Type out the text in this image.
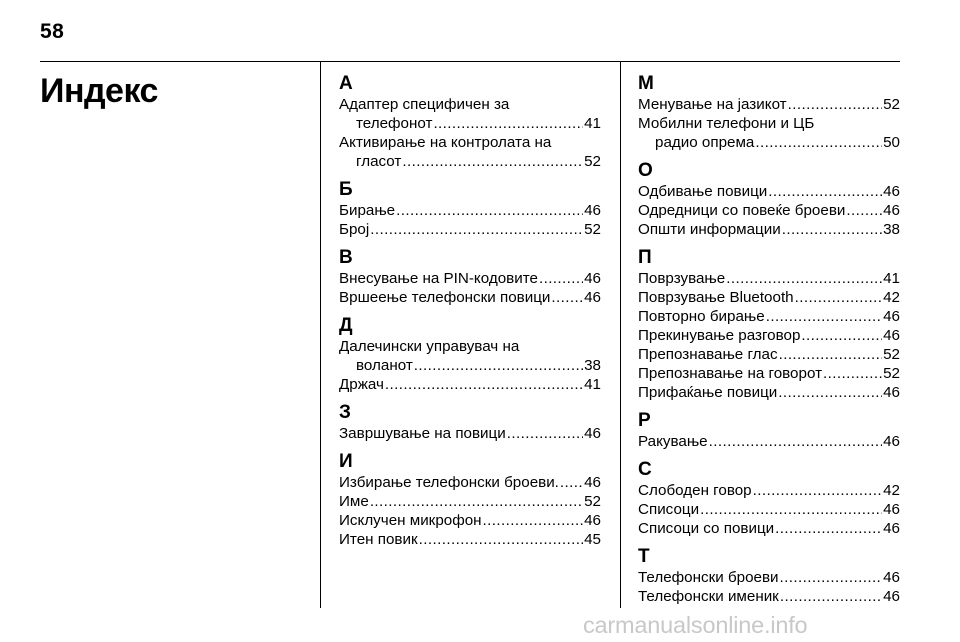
58
Индекс	А
Адаптер специфичен за
телефонот .....	41
Активирање на контролата на
гласот .....	52
Б
Бирање .....	46
Број .....	52
В
Внесување на PIN-кодовите .....	46
Вршеење телефонски повици ..... 46
Д
Далечински управувач на
воланот .....	38
Држач .....	41
З
Завршување на повици .....	46
И
Избирање телефонски броеви. ..... 46
Име .....	52
Исклучен микрофон .....	46
Итен повик .....	45
М
Менување на јазикот .....	52
Мобилни телефони и ЦБ
радио опрема .....	50
О
Одбивање повици .....	46
Одредници со повеќе броеви ..... 46
Општи информации .....	38
П
Поврзување .....	41
Поврзување Bluetooth .....	42
Повторно бирање .....	46
Прекинување разговор .....	46
Препознавање глас .....	52
Препознавање на говорот .....	52
Прифаќање повици .....	46
Р
Ракување .....	46
С
Слободен говор .....	42
Списоци .....	46
Списоци со повици .....	46
Т
Телефонски броеви .....	46
Телефонски именик .....	46
carmanualsonline.info
